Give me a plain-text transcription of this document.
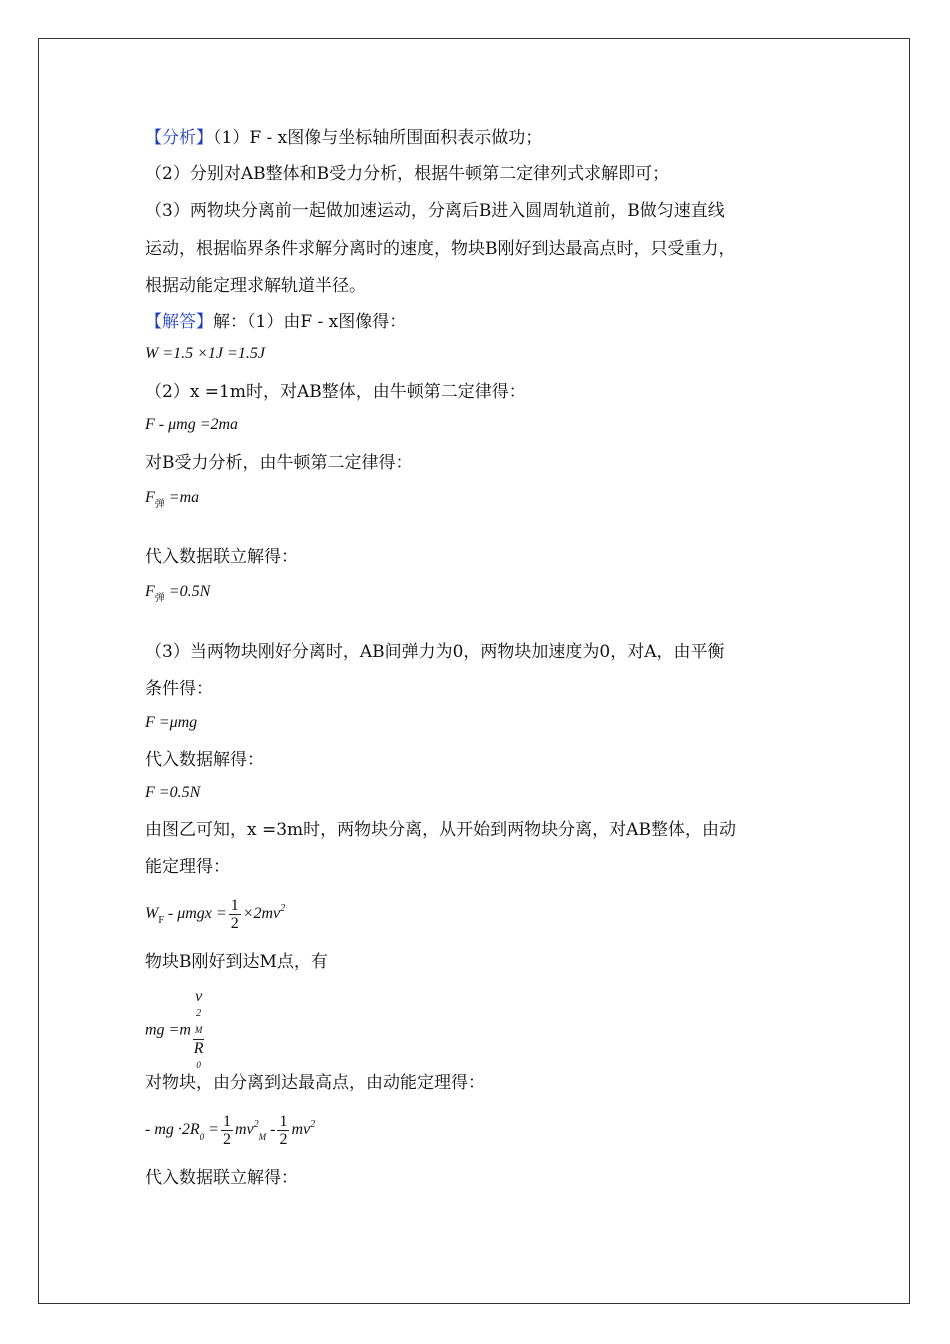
【分析】（1）F - x图像与坐标轴所围面积表示做功；
（2）分别对AB整体和B受力分析，根据牛顿第二定律列式求解即可；
（3）两物块分离前一起做加速运动，分离后B进入圆周轨道前，B做匀速直线
运动，根据临界条件求解分离时的速度，物块B刚好到达最高点时，只受重力，
根据动能定理求解轨道半径。
【解答】解：（1）由F - x图像得：
W =1.5 ×1J =1.5J
（2）x =1m时，对AB整体，由牛顿第二定律得：
F - μmg =2ma
对B受力分析，由牛顿第二定律得：
$F_弹 =ma$
代入数据联立解得：
$F_弹 =0.5N$
（3）当两物块刚好分离时，AB间弹力为0，两物块加速度为0，对A，由平衡
条件得：
F =μmg
代入数据解得：
F =0.5N
由图乙可知，x =3m时，两物块分离，从开始到两物块分离，对AB整体，由动
能定理得：
$W_F - \mu mgx = \frac{1}{2} \times 2mv^2$
物块B刚好到达M点，有
mg =m v
2
M
R
0
对物块，由分离到达最高点，由动能定理得：
- mg $\cdot 2R_0 = \frac{1}{2} mv^2_M - \frac{1}{2} mv^2$
代入数据联立解得：
